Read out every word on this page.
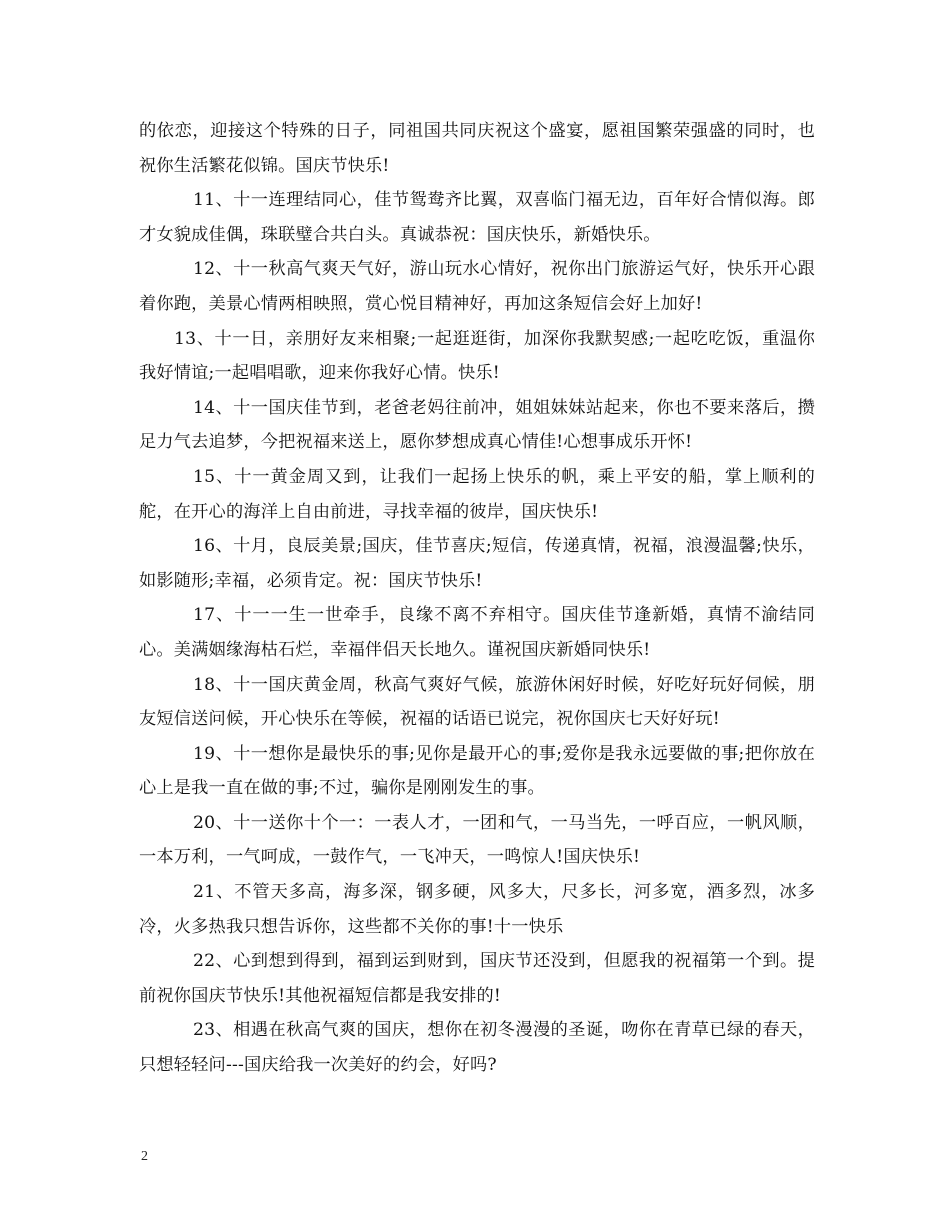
的依恋，迎接这个特殊的日子，同祖国共同庆祝这个盛宴，愿祖国繁荣强盛的同时，也祝你生活繁花似锦。国庆节快乐!

11、十一连理结同心，佳节鸳鸯齐比翼，双喜临门福无边，百年好合情似海。郎才女貌成佳偶，珠联璧合共白头。真诚恭祝：国庆快乐，新婚快乐。

12、十一秋高气爽天气好，游山玩水心情好，祝你出门旅游运气好，快乐开心跟着你跑，美景心情两相映照，赏心悦目精神好，再加这条短信会好上加好!

13、十一日，亲朋好友来相聚;一起逛逛街，加深你我默契感;一起吃吃饭，重温你我好情谊;一起唱唱歌，迎来你我好心情。快乐!

14、十一国庆佳节到，老爸老妈往前冲，姐姐妹妹站起来，你也不要来落后，攒足力气去追梦，今把祝福来送上，愿你梦想成真心情佳!心想事成乐开怀!

15、十一黄金周又到，让我们一起扬上快乐的帆，乘上平安的船，掌上顺利的舵，在开心的海洋上自由前进，寻找幸福的彼岸，国庆快乐!

16、十月，良辰美景;国庆，佳节喜庆;短信，传递真情，祝福，浪漫温馨;快乐，如影随形;幸福，必须肯定。祝：国庆节快乐!

17、十一一生一世牵手，良缘不离不弃相守。国庆佳节逢新婚，真情不渝结同心。美满姻缘海枯石烂，幸福伴侣天长地久。谨祝国庆新婚同快乐!

18、十一国庆黄金周，秋高气爽好气候，旅游休闲好时候，好吃好玩好伺候，朋友短信送问候，开心快乐在等候，祝福的话语已说完，祝你国庆七天好好玩!

19、十一想你是最快乐的事;见你是最开心的事;爱你是我永远要做的事;把你放在心上是我一直在做的事;不过，骗你是刚刚发生的事。

20、十一送你十个一：一表人才，一团和气，一马当先，一呼百应，一帆风顺，一本万利，一气呵成，一鼓作气，一飞冲天，一鸣惊人!国庆快乐!

21、不管天多高，海多深，钢多硬，风多大，尺多长，河多宽，酒多烈，冰多冷，火多热我只想告诉你，这些都不关你的事!十一快乐

22、心到想到得到，福到运到财到，国庆节还没到，但愿我的祝福第一个到。提前祝你国庆节快乐!其他祝福短信都是我安排的!

23、相遇在秋高气爽的国庆，想你在初冬漫漫的圣诞，吻你在青草已绿的春天，只想轻轻问---国庆给我一次美好的约会，好吗?

2
